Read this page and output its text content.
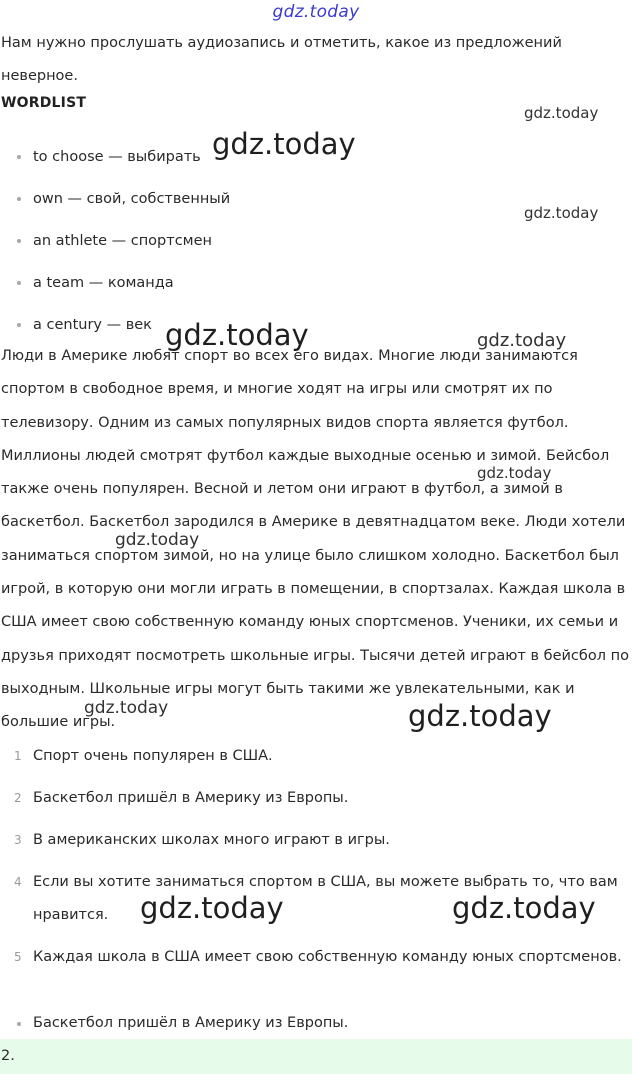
gdz.today

Нам нужно прослушать аудиозапись и отметить, какое из предложений неверное.

WORDLIST
to choose — выбирать
own — свой, собственный
an athlete — спортсмен
a team — команда
a century — век

Люди в Америке любят спорт во всех его видах. Многие люди занимаются спортом в свободное время, и многие ходят на игры или смотрят их по телевизору. Одним из самых популярных видов спорта является футбол. Миллионы людей смотрят футбол каждые выходные осенью и зимой. Бейсбол также очень популярен. Весной и летом они играют в футбол, а зимой в баскетбол. Баскетбол зародился в Америке в девятнадцатом веке. Люди хотели заниматься спортом зимой, но на улице было слишком холодно. Баскетбол был игрой, в которую они могли играть в помещении, в спортзалах. Каждая школа в США имеет свою собственную команду юных спортсменов. Ученики, их семьи и друзья приходят посмотреть школьные игры. Тысячи детей играют в бейсбол по выходным. Школьные игры могут быть такими же увлекательными, как и большие игры.

1 Спорт очень популярен в США.
2 Баскетбол пришёл в Америку из Европы.
3 В американских школах много играют в игры.
4 Если вы хотите заниматься спортом в США, вы можете выбрать то, что вам нравится.
5 Каждая школа в США имеет свою собственную команду юных спортсменов.
Баскетбол пришёл в Америку из Европы.
2.
gdz.today
gdz.today
gdz.today
gdz.today	gdz.today
gdz.today
gdz.today
gdz.today	gdz.today
gdz.today	gdz.today
